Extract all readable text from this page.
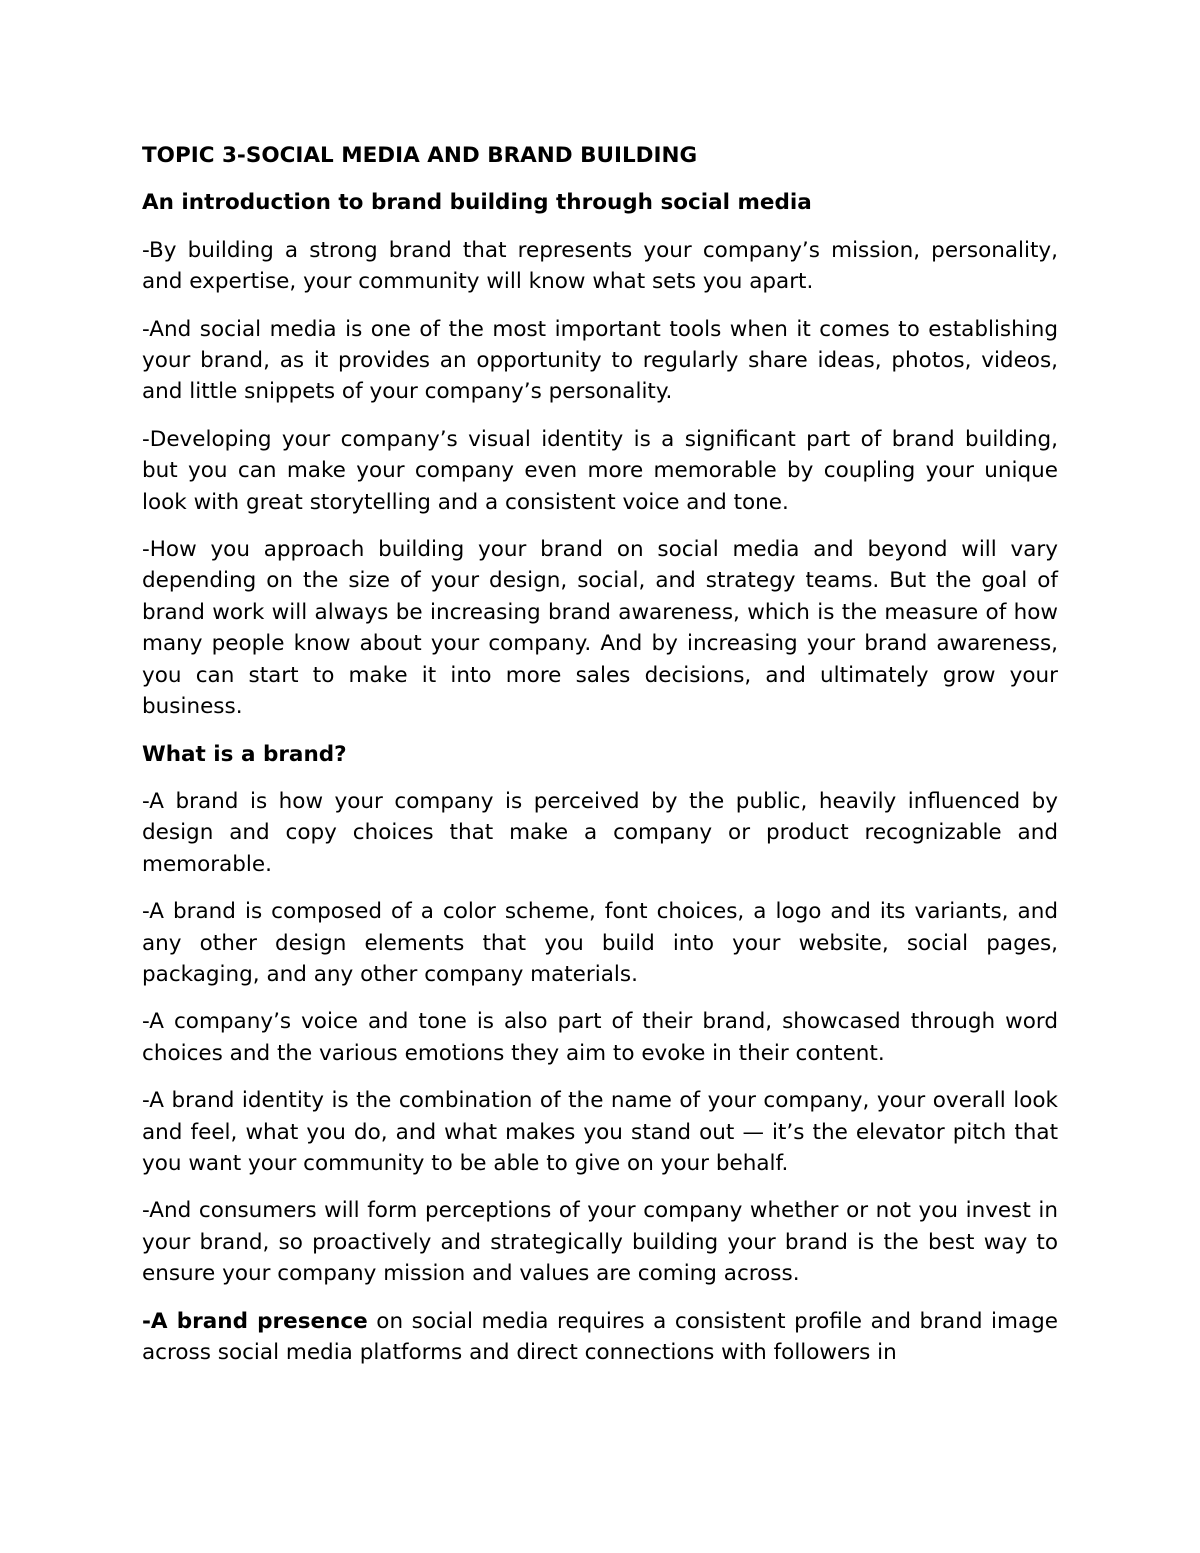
TOPIC 3-SOCIAL MEDIA AND BRAND BUILDING

An introduction to brand building through social media

-By building a strong brand that represents your company’s mission, personality, and expertise, your community will know what sets you apart.

-And social media is one of the most important tools when it comes to establishing your brand, as it provides an opportunity to regularly share ideas, photos, videos, and little snippets of your company’s personality.

-Developing your company’s visual identity is a significant part of brand building, but you can make your company even more memorable by coupling your unique look with great storytelling and a consistent voice and tone.

-How you approach building your brand on social media and beyond will vary depending on the size of your design, social, and strategy teams. But the goal of brand work will always be increasing brand awareness, which is the measure of how many people know about your company. And by increasing your brand awareness, you can start to make it into more sales decisions, and ultimately grow your business.

What is a brand?

-A brand is how your company is perceived by the public, heavily influenced by design and copy choices that make a company or product recognizable and memorable.

-A brand is composed of a color scheme, font choices, a logo and its variants, and any other design elements that you build into your website, social pages, packaging, and any other company materials.

-A company’s voice and tone is also part of their brand, showcased through word choices and the various emotions they aim to evoke in their content.

-A brand identity is the combination of the name of your company, your overall look and feel, what you do, and what makes you stand out — it’s the elevator pitch that you want your community to be able to give on your behalf.

-And consumers will form perceptions of your company whether or not you invest in your brand, so proactively and strategically building your brand is the best way to ensure your company mission and values are coming across.

-A brand presence on social media requires a consistent profile and brand image across social media platforms and direct connections with followers in
